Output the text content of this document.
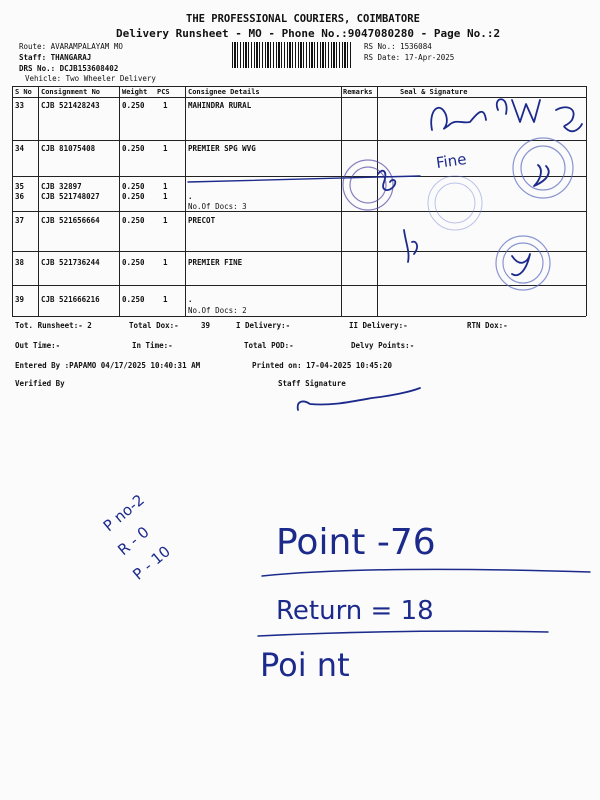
THE PROFESSIONAL COURIERS, COIMBATORE
Delivery Runsheet - MO - Phone No.:9047080280 - Page No.:2
Route: AVARAMPALAYAM MO
Staff: THANGARAJ
DRS No.: DCJB153608402
Vehicle: Two Wheeler Delivery
RS No.: 1536084
RS Date: 17-Apr-2025
S No Consignment No	Weight PCS	Consignee Details	Remarks	Seal & Signature
33 CJB 521428243	0.250 1	MAHINDRA RURAL
34 CJB 81075408	0.250 1	PREMIER SPG WVG
35 CJB 32897	0.250 1
36 CJB 521748027	0.250 1	.
No.Of Docs: 3
37 CJB 521656664	0.250 1	PRECOT
38 CJB 521736244	0.250 1	PREMIER FINE
39 CJB 521666216	0.250 1	.
No.Of Docs: 2
Tot. Runsheet:- 2	Total Dox:-	39	I Delivery:-	II Delivery:-	RTN Dox:-
Out Time:-	In Time:-	Total POD:-	Delvy Points:-
Entered By :PAPAMO 04/17/2025 10:40:31 AM	Printed on: 17-04-2025 10:45:20
Verified By	Staff Signature
Fine
P no-2
R - 0
P - 10	Point -76
Return = 18
Poi nt
